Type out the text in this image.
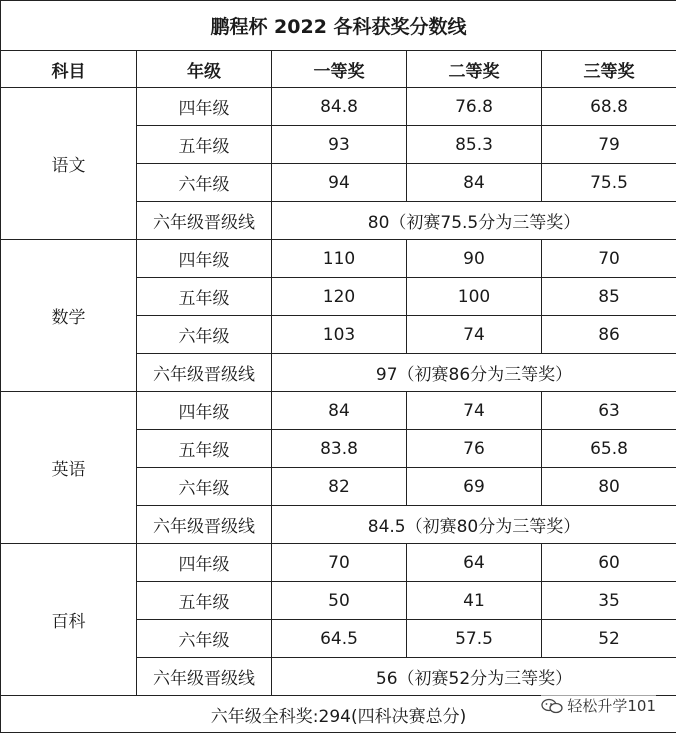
鹏程杯 2022 各科获奖分数线				
科目	年级	一等奖	二等奖	三等奖
语文	四年级	84.8	76.8	68.8
	五年级	93	85.3	79
	六年级	94	84	75.5
	六年级晋级线	80（初赛75.5分为三等奖）		
数学	四年级	110	90	70
	五年级	120	100	85
	六年级	103	74	86
	六年级晋级线	97（初赛86分为三等奖）		
英语	四年级	84	74	63
	五年级	83.8	76	65.8
	六年级	82	69	80
	六年级晋级线	84.5（初赛80分为三等奖）		
百科	四年级	70	64	60
	五年级	50	41	35
	六年级	64.5	57.5	52
	六年级晋级线	56（初赛52分为三等奖）		
六年级全科奖:294(四科决赛总分)				
轻松升学101
